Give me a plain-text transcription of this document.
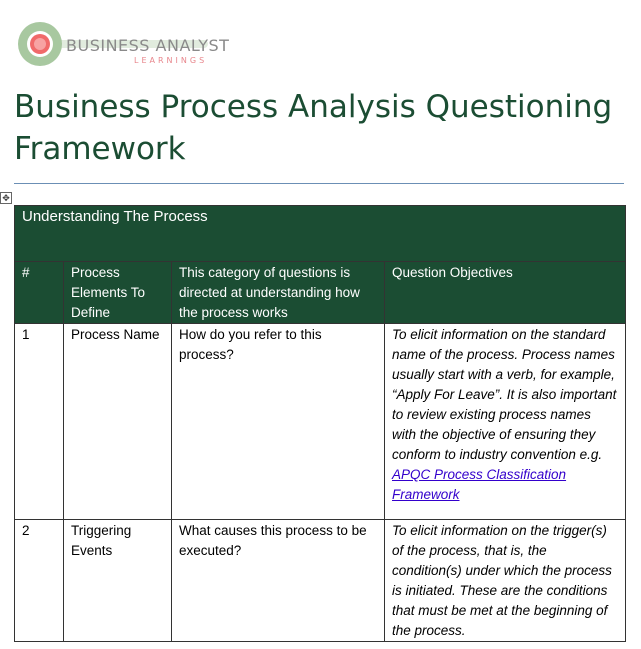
BUSINESS ANALYST
LEARNINGS
Business Process Analysis Questioning Framework
✥
Understanding The Process			
#	Process Elements To Define	This category of questions is directed at understanding how the process works	Question Objectives
1	Process Name	How do you refer to this process?	To elicit information on the standard name of the process. Process names usually start with a verb, for example, “Apply For Leave”. It is also important to review existing process names with the objective of ensuring they conform to industry convention e.g. APQC Process Classification Framework
2	Triggering Events	What causes this process to be executed?	To elicit information on the trigger(s) of the process, that is, the condition(s) under which the process is initiated. These are the conditions that must be met at the beginning of the process.
